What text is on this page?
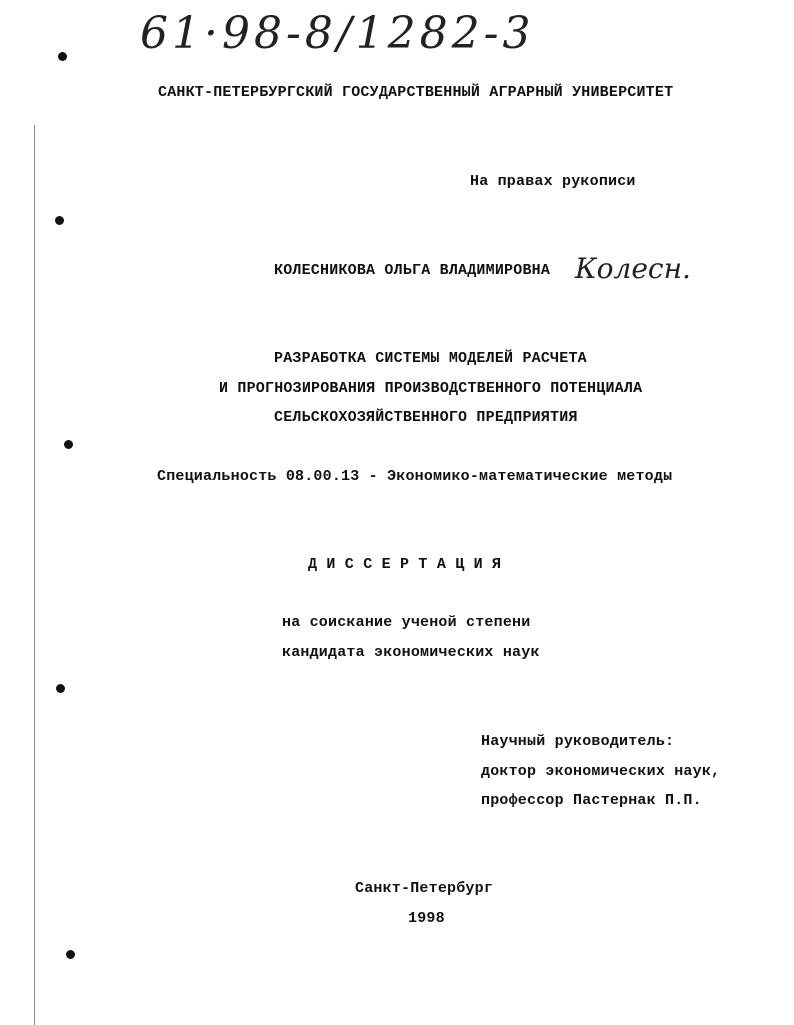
61·98-8/1282-3
САНКТ-ПЕТЕРБУРГСКИЙ ГОСУДАРСТВЕННЫЙ АГРАРНЫЙ УНИВЕРСИТЕТ
На правах рукописи
КОЛЕСНИКОВА ОЛЬГА ВЛАДИМИРОВНА Колесн.
РАЗРАБОТКА СИСТЕМЫ МОДЕЛЕЙ РАСЧЕТА
И ПРОГНОЗИРОВАНИЯ ПРОИЗВОДСТВЕННОГО ПОТЕНЦИАЛА
СЕЛЬСКОХОЗЯЙСТВЕННОГО ПРЕДПРИЯТИЯ
Специальность 08.00.13 - Экономико-математические методы
Д И С С Е Р Т А Ц И Я
на соискание ученой степени
кандидата экономических наук
Научный руководитель:
доктор экономических наук,
профессор Пастернак П.П.
Санкт-Петербург
1998
